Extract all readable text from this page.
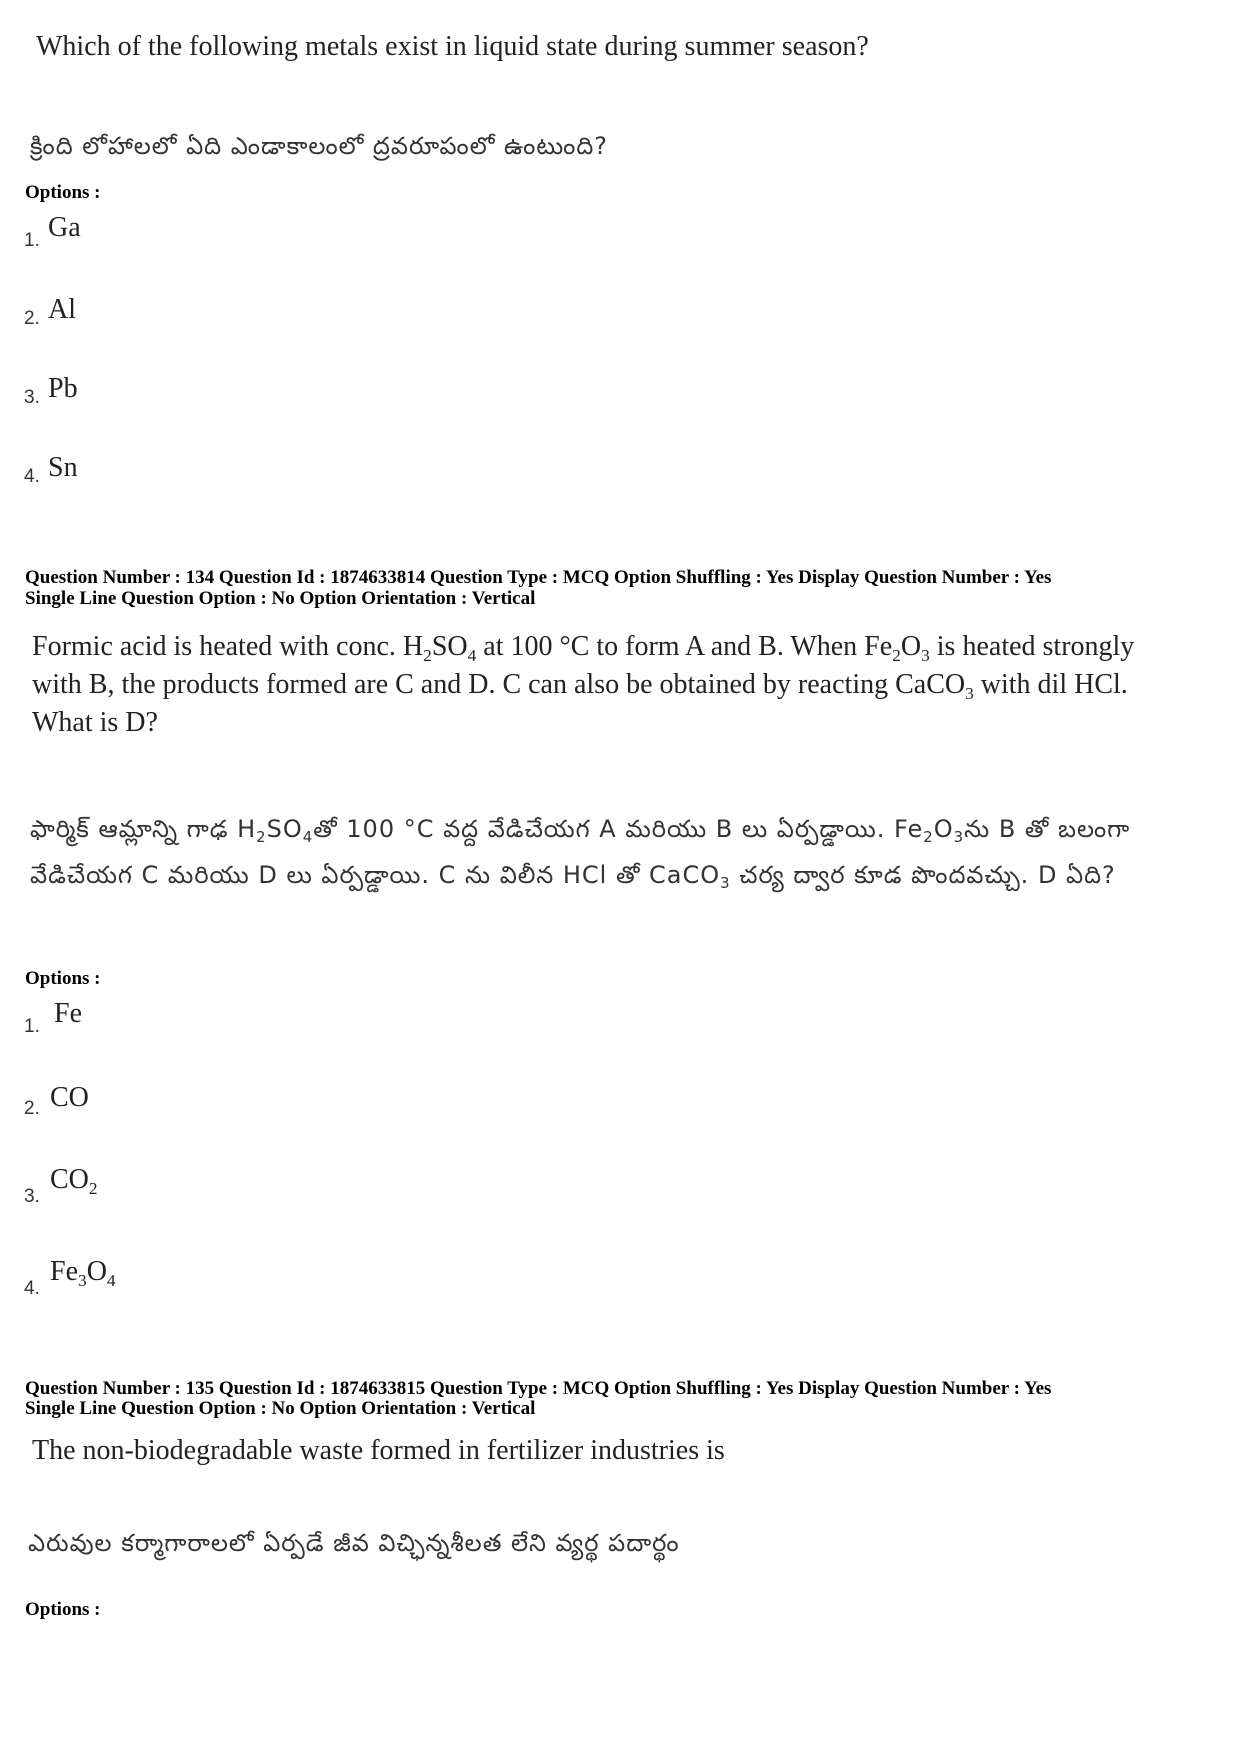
Which of the following metals exist in liquid state during summer season?
క్రింది లోహాలలో ఏది ఎండాకాలంలో ద్రవరూపంలో ఉంటుంది?
Options :
1. Ga
2. Al
3. Pb
4. Sn
Question Number : 134 Question Id : 1874633814 Question Type : MCQ Option Shuffling : Yes Display Question Number : Yes
Single Line Question Option : No Option Orientation : Vertical
Formic acid is heated with conc. $H_2SO_4$ at 100 °C to form A and B. When $Fe_2O_3$ is heated strongly with B, the products formed are C and D. C can also be obtained by reacting CaCO$_3$ with dil HCl. What is D?
ఫార్మిక్ ఆమ్లాన్ని గాఢ $H_2SO_4తో$ 100 °C వద్ద వేడిచేయగ A మరియు B లు ఏర్పడ్డాయి. $Fe_2O_3ను$ B తో బలంగా వేడిచేయగ C మరియు D లు ఏర్పడ్డాయి. C ను విలీన HCl తో CaCO$_3$ చర్య ద్వార కూడ పొందవచ్చు. D ఏది?
Options :
1. Fe
2. CO
3.
$CO_2$
4.
$Fe_3O_4$
Question Number : 135 Question Id : 1874633815 Question Type : MCQ Option Shuffling : Yes Display Question Number : Yes
Single Line Question Option : No Option Orientation : Vertical
The non-biodegradable waste formed in fertilizer industries is
ఎరువుల కర్మాగారాలలో ఏర్పడే జీవ విచ్ఛిన్నశీలత లేని వ్యర్థ పదార్థం
Options :
